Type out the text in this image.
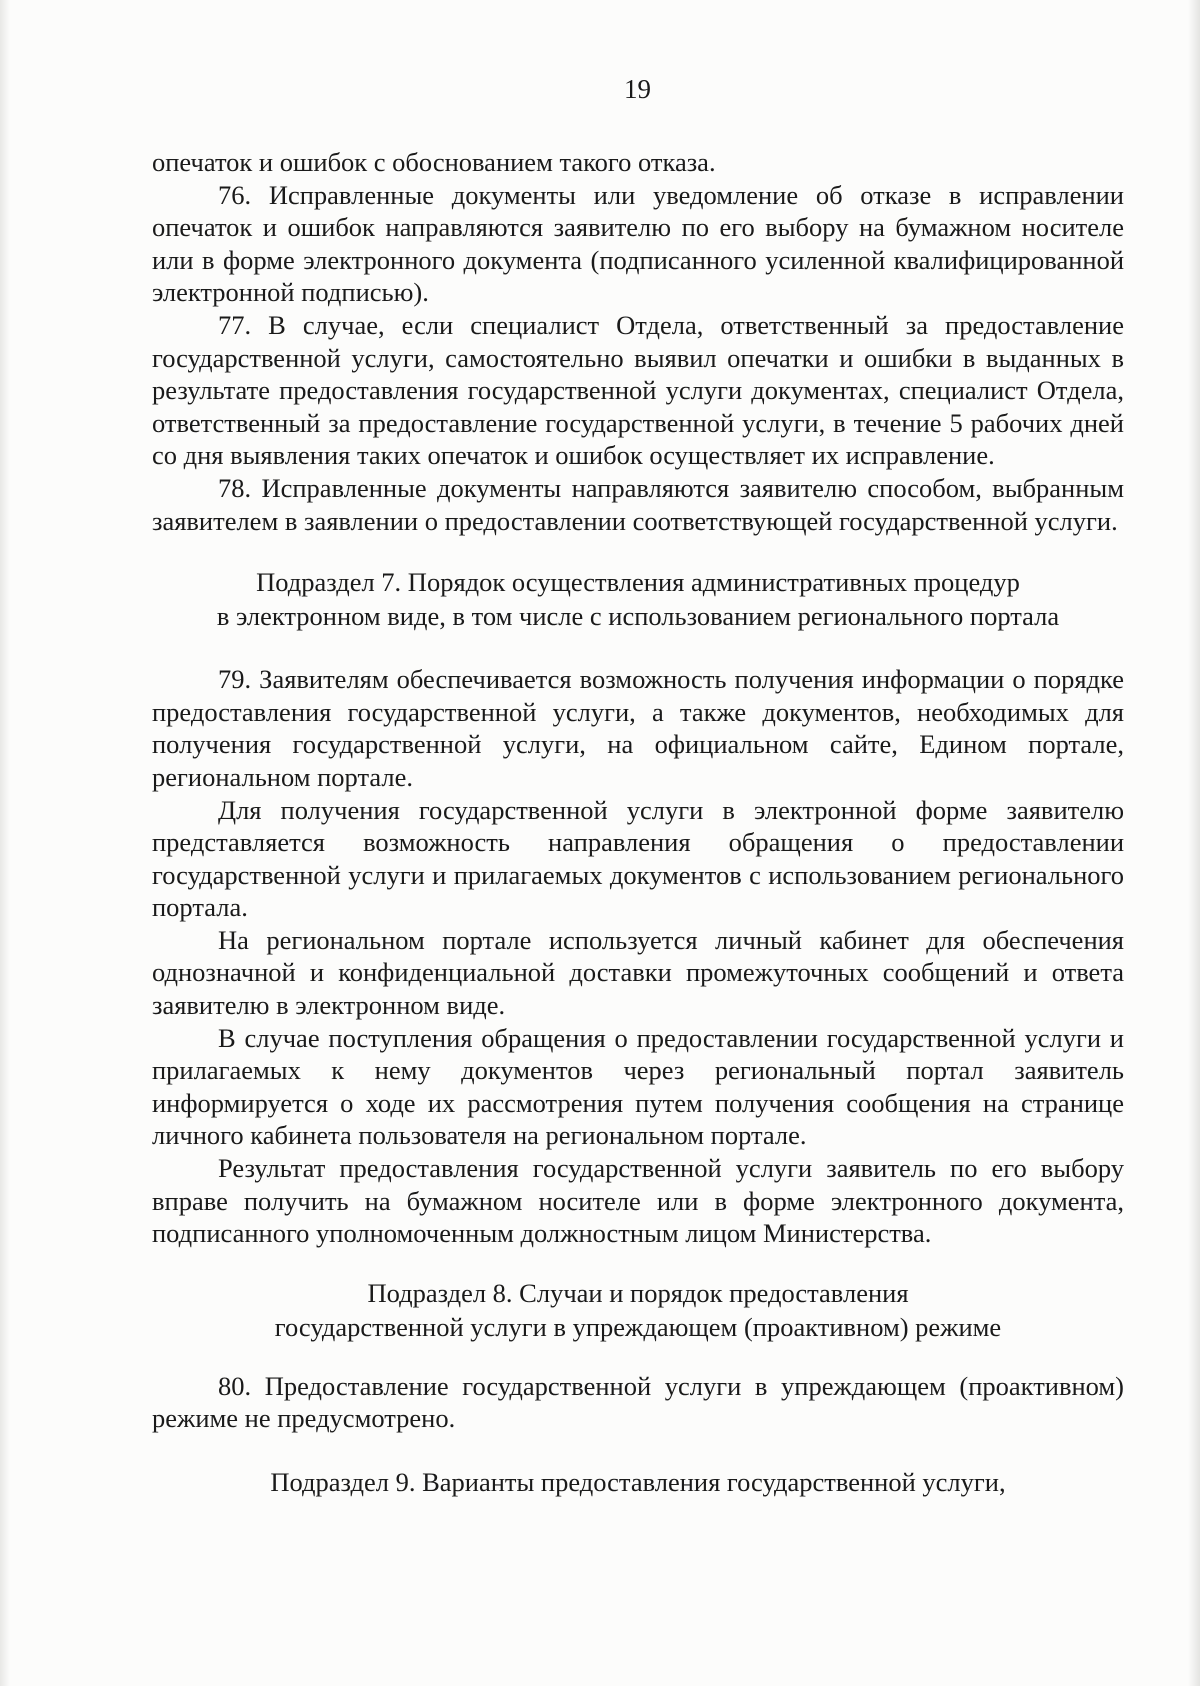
19

опечаток и ошибок с обоснованием такого отказа.

76. Исправленные документы или уведомление об отказе в исправлении опечаток и ошибок направляются заявителю по его выбору на бумажном носителе или в форме электронного документа (подписанного усиленной квалифицированной электронной подписью).

77. В случае, если специалист Отдела, ответственный за предоставление государственной услуги, самостоятельно выявил опечатки и ошибки в выданных в результате предоставления государственной услуги документах, специалист Отдела, ответственный за предоставление государственной услуги, в течение 5 рабочих дней со дня выявления таких опечаток и ошибок осуществляет их исправление.

78. Исправленные документы направляются заявителю способом, выбранным заявителем в заявлении о предоставлении соответствующей государственной услуги.

Подраздел 7. Порядок осуществления административных процедур

в электронном виде, в том числе с использованием регионального портала

79. Заявителям обеспечивается возможность получения информации о порядке предоставления государственной услуги, а также документов, необходимых для получения государственной услуги, на официальном сайте, Едином портале, региональном портале.

Для получения государственной услуги в электронной форме заявителю представляется возможность направления обращения о предоставлении государственной услуги и прилагаемых документов с использованием регионального портала.

На региональном портале используется личный кабинет для обеспечения однозначной и конфиденциальной доставки промежуточных сообщений и ответа заявителю в электронном виде.

В случае поступления обращения о предоставлении государственной услуги и прилагаемых к нему документов через региональный портал заявитель информируется о ходе их рассмотрения путем получения сообщения на странице личного кабинета пользователя на региональном портале.

Результат предоставления государственной услуги заявитель по его выбору вправе получить на бумажном носителе или в форме электронного документа, подписанного уполномоченным должностным лицом Министерства.

Подраздел 8. Случаи и порядок предоставления

государственной услуги в упреждающем (проактивном) режиме

80. Предоставление государственной услуги в упреждающем (проактивном) режиме не предусмотрено.

Подраздел 9. Варианты предоставления государственной услуги,
